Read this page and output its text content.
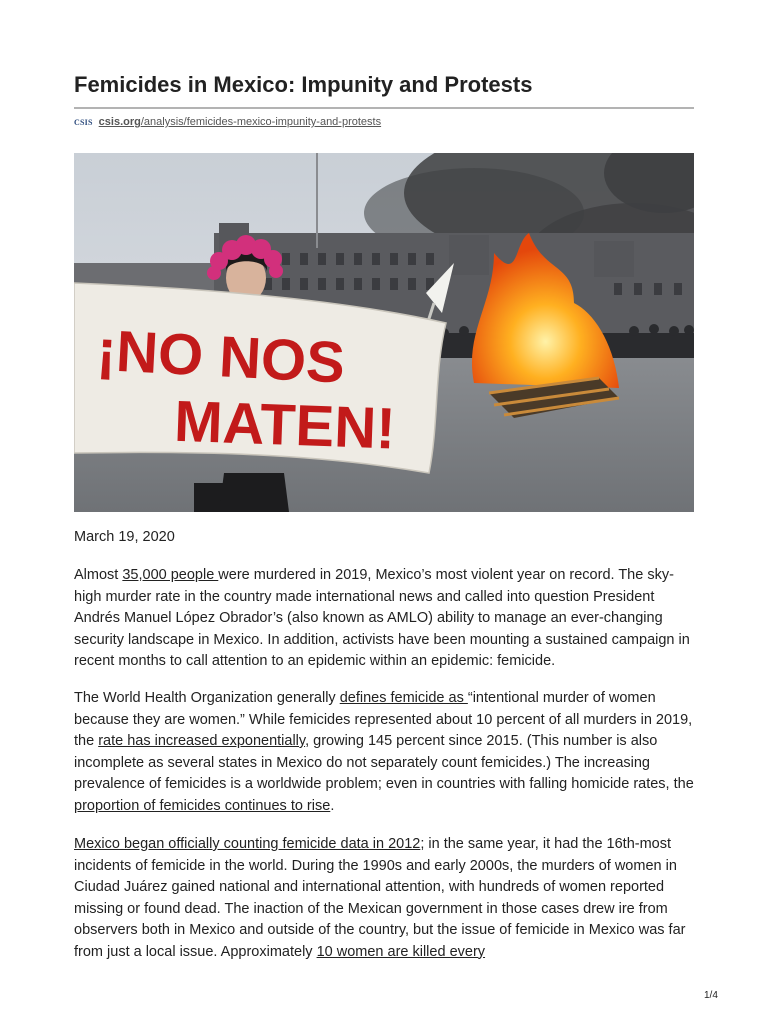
Femicides in Mexico: Impunity and Protests
CSIS csis.org/analysis/femicides-mexico-impunity-and-protests
¡NO NOS
MATEN!
March 19, 2020

Almost 35,000 people were murdered in 2019, Mexico’s most violent year on record. The sky-high murder rate in the country made international news and called into question President Andrés Manuel López Obrador’s (also known as AMLO) ability to manage an ever-changing security landscape in Mexico. In addition, activists have been mounting a sustained campaign in recent months to call attention to an epidemic within an epidemic: femicide.

The World Health Organization generally defines femicide as “intentional murder of women because they are women.” While femicides represented about 10 percent of all murders in 2019, the rate has increased exponentially, growing 145 percent since 2015. (This number is also incomplete as several states in Mexico do not separately count femicides.) The increasing prevalence of femicides is a worldwide problem; even in countries with falling homicide rates, the proportion of femicides continues to rise.

Mexico began officially counting femicide data in 2012; in the same year, it had the 16th-most incidents of femicide in the world. During the 1990s and early 2000s, the murders of women in Ciudad Juárez gained national and international attention, with hundreds of women reported missing or found dead. The inaction of the Mexican government in those cases drew ire from observers both in Mexico and outside of the country, but the issue of femicide in Mexico was far from just a local issue. Approximately 10 women are killed every

1/4
